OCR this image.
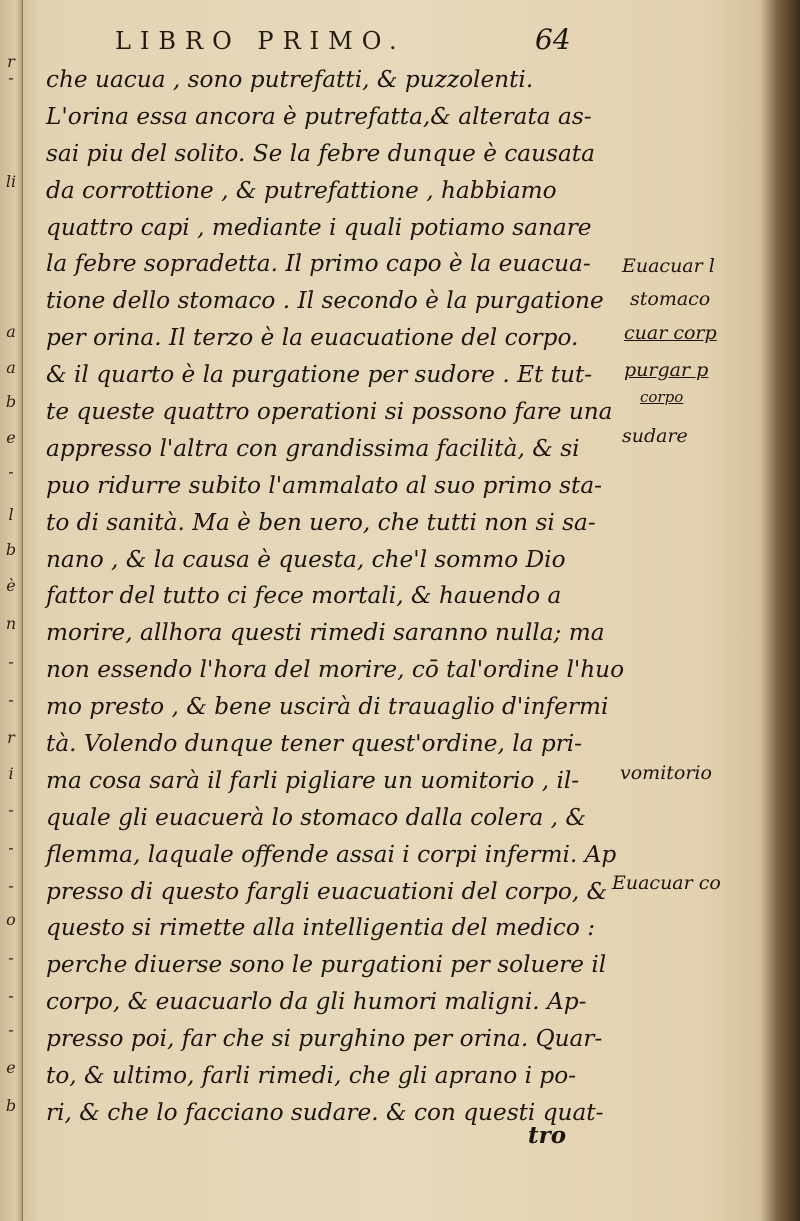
r
-
li
a
a
b
e
-
l
b
è
n
-
-
r
i
-
-
-
o
-
-
-
e
b
LIBRO PRIMO.	64
che uacua , sono putrefatti, & puzzolenti.
L'orina essa ancora è putrefatta,& alterata as-
sai piu del solito. Se la febre dunque è causata
da corrottione , & putrefattione , habbiamo
quattro capi , mediante i quali potiamo sanare
la febre sopradetta. Il primo capo è la euacua-
tione dello stomaco . Il secondo è la purgatione
per orina. Il terzo è la euacuatione del corpo.
& il quarto è la purgatione per sudore . Et tut-
te queste quattro operationi si possono fare una
appresso l'altra con grandissima facilità, & si
puo ridurre subito l'ammalato al suo primo sta-
to di sanità. Ma è ben uero, che tutti non si sa-
nano , & la causa è questa, che'l sommo Dio
fattor del tutto ci fece mortali, & hauendo a
morire, allhora questi rimedi saranno nulla; ma
non essendo l'hora del morire, cō tal'ordine l'huo
mo presto , & bene uscirà di trauaglio d'infermi
tà. Volendo dunque tener quest'ordine, la pri-
ma cosa sarà il farli pigliare un uomitorio , il-
quale gli euacuerà lo stomaco dalla colera , &
flemma, laquale offende assai i corpi infermi. Ap
presso di questo fargli euacuationi del corpo, &
questo si rimette alla intelligentia del medico :
perche diuerse sono le purgationi per soluere il
corpo, & euacuarlo da gli humori maligni. Ap-
presso poi, far che si purghino per orina. Quar-
to, & ultimo, farli rimedi, che gli aprano i po-
ri, & che lo facciano sudare. & con questi quat-
tro
Euacuar l
stomaco
cuar corp
purgar p
corpo
sudare
vomitorio
Euacuar co
